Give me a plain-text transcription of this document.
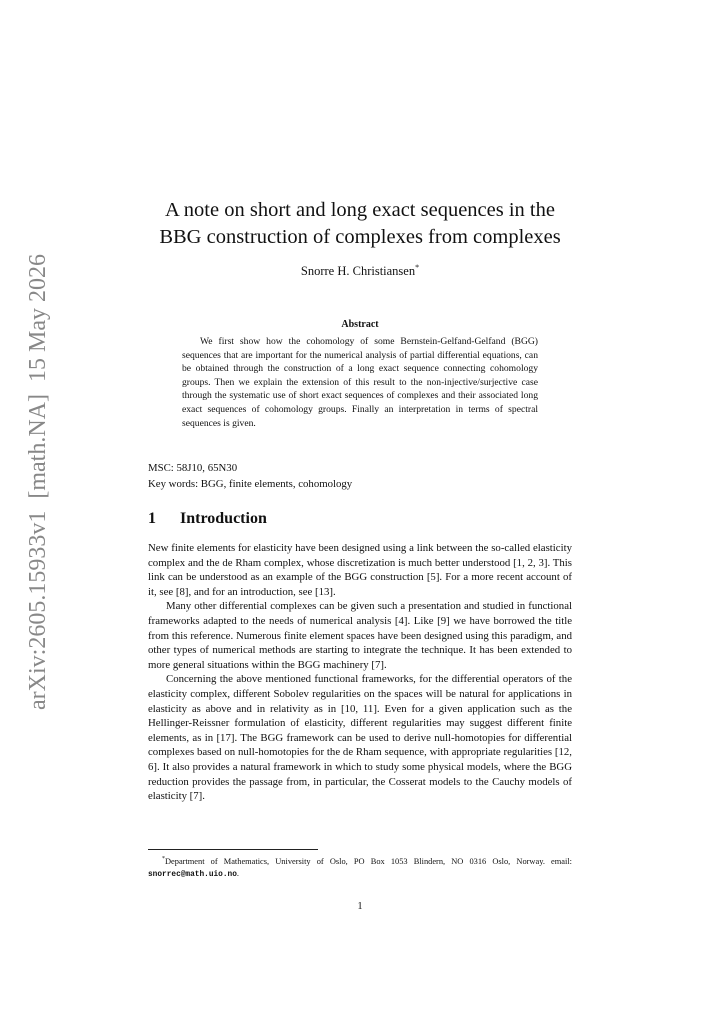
arXiv:2605.15933v1  [math.NA]  15 May 2026
A note on short and long exact sequences in the
BBG construction of complexes from complexes
Snorre H. Christiansen*
Abstract

We first show how the cohomology of some Bernstein-Gelfand-Gelfand (BGG) sequences that are important for the numerical analysis of partial differential equations, can be obtained through the construction of a long exact sequence connecting cohomology groups. Then we explain the extension of this result to the non-injective/surjective case through the systematic use of short exact sequences of complexes and their associated long exact sequences of cohomology groups. Finally an interpretation in terms of spectral sequences is given.

MSC: 58J10, 65N30
Key words: BGG, finite elements, cohomology
1 Introduction

New finite elements for elasticity have been designed using a link between the so-called elasticity complex and the de Rham complex, whose discretization is much better understood [1, 2, 3]. This link can be understood as an example of the BGG construction [5]. For a more recent account of it, see [8], and for an introduction, see [13].

Many other differential complexes can be given such a presentation and studied in functional frameworks adapted to the needs of numerical analysis [4]. Like [9] we have borrowed the title from this reference. Numerous finite element spaces have been designed using this paradigm, and other types of numerical methods are starting to integrate the technique. It has been extended to more general situations within the BGG machinery [7].

Concerning the above mentioned functional frameworks, for the differential operators of the elasticity complex, different Sobolev regularities on the spaces will be natural for applications in elasticity as above and in relativity as in [10, 11]. Even for a given application such as the Hellinger-Reissner formulation of elasticity, different regularities may suggest different finite elements, as in [17]. The BGG framework can be used to derive null-homotopies for differential complexes based on null-homotopies for the de Rham sequence, with appropriate regularities [12, 6]. It also provides a natural framework in which to study some physical models, where the BGG reduction provides the passage from, in particular, the Cosserat models to the Cauchy models of elasticity [7].

*Department of Mathematics, University of Oslo, PO Box 1053 Blindern, NO 0316 Oslo, Norway. email: snorrec@math.uio.no.
1
